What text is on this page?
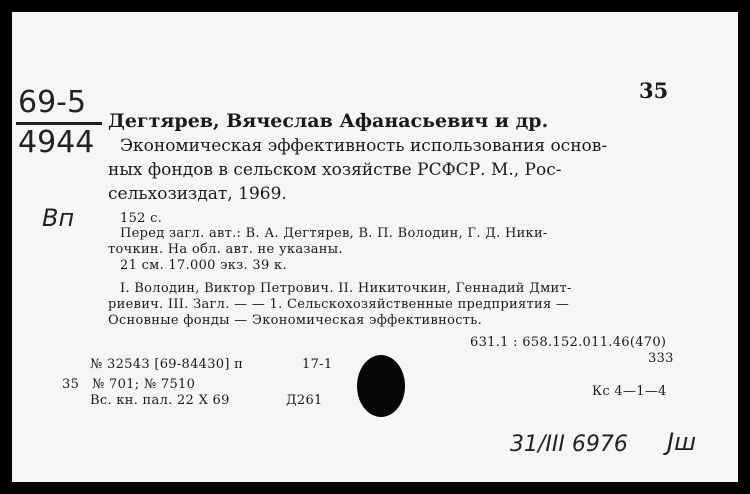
35
69-5
4944
Вп
Дегтярев, Вячеслав Афанасьевич и др.
Экономическая эффективность использования основ-
ных фондов в сельском хозяйстве РСФСР. М., Рос-
сельхозиздат, 1969.
152 с.
Перед загл. авт.: В. А. Дегтярев, В. П. Володин, Г. Д. Ники-
точкин. На обл. авт. не указаны.
21 см. 17.000 экз. 39 к.
I. Володин, Виктор Петрович. II. Никиточкин, Геннадий Дмит-
риевич. III. Загл. — — 1. Сельскохозяйственные предприятия —
Основные фонды — Экономическая эффективность.
631.1 : 658.152.011.46(470)
333
№ 32543 [69-84430] п	17-1
35 № 701; № 7510
Вс. кн. пал. 22 X 69	Д261
Кс 4—1—4
31/ІІІ 6976 Јш
